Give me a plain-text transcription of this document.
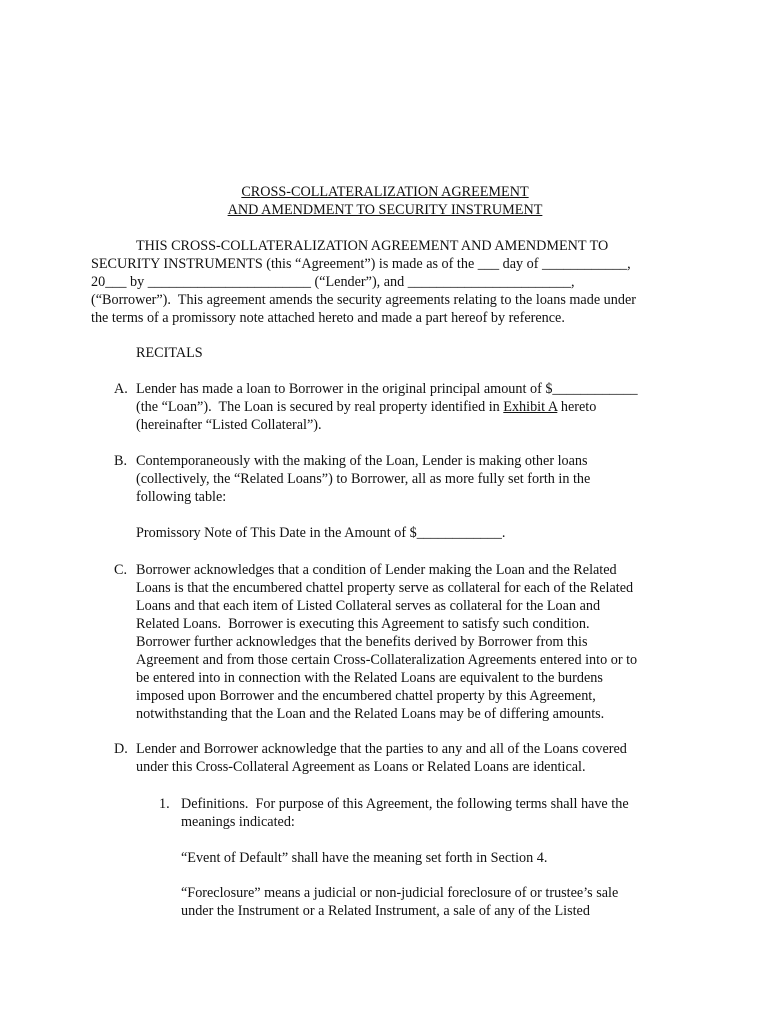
CROSS-COLLATERALIZATION AGREEMENT
AND AMENDMENT TO SECURITY INSTRUMENT
THIS CROSS-COLLATERALIZATION AGREEMENT AND AMENDMENT TO
SECURITY INSTRUMENTS (this “Agreement”) is made as of the ___ day of ____________,
20___ by _______________________ (“Lender”), and _______________________,
(“Borrower”).  This agreement amends the security agreements relating to the loans made under
the terms of a promissory note attached hereto and made a part hereof by reference.
RECITALS
A. Lender has made a loan to Borrower in the original principal amount of $____________
(the “Loan”).  The Loan is secured by real property identified in Exhibit A hereto
(hereinafter “Listed Collateral”).
B. Contemporaneously with the making of the Loan, Lender is making other loans
(collectively, the “Related Loans”) to Borrower, all as more fully set forth in the
following table:
Promissory Note of This Date in the Amount of $____________.
C. Borrower acknowledges that a condition of Lender making the Loan and the Related
Loans is that the encumbered chattel property serve as collateral for each of the Related
Loans and that each item of Listed Collateral serves as collateral for the Loan and
Related Loans.  Borrower is executing this Agreement to satisfy such condition.
Borrower further acknowledges that the benefits derived by Borrower from this
Agreement and from those certain Cross-Collateralization Agreements entered into or to
be entered into in connection with the Related Loans are equivalent to the burdens
imposed upon Borrower and the encumbered chattel property by this Agreement,
notwithstanding that the Loan and the Related Loans may be of differing amounts.
D. Lender and Borrower acknowledge that the parties to any and all of the Loans covered
under this Cross-Collateral Agreement as Loans or Related Loans are identical.
1. Definitions.  For purpose of this Agreement, the following terms shall have the
meanings indicated:
“Event of Default” shall have the meaning set forth in Section 4.
“Foreclosure” means a judicial or non-judicial foreclosure of or trustee’s sale
under the Instrument or a Related Instrument, a sale of any of the Listed
